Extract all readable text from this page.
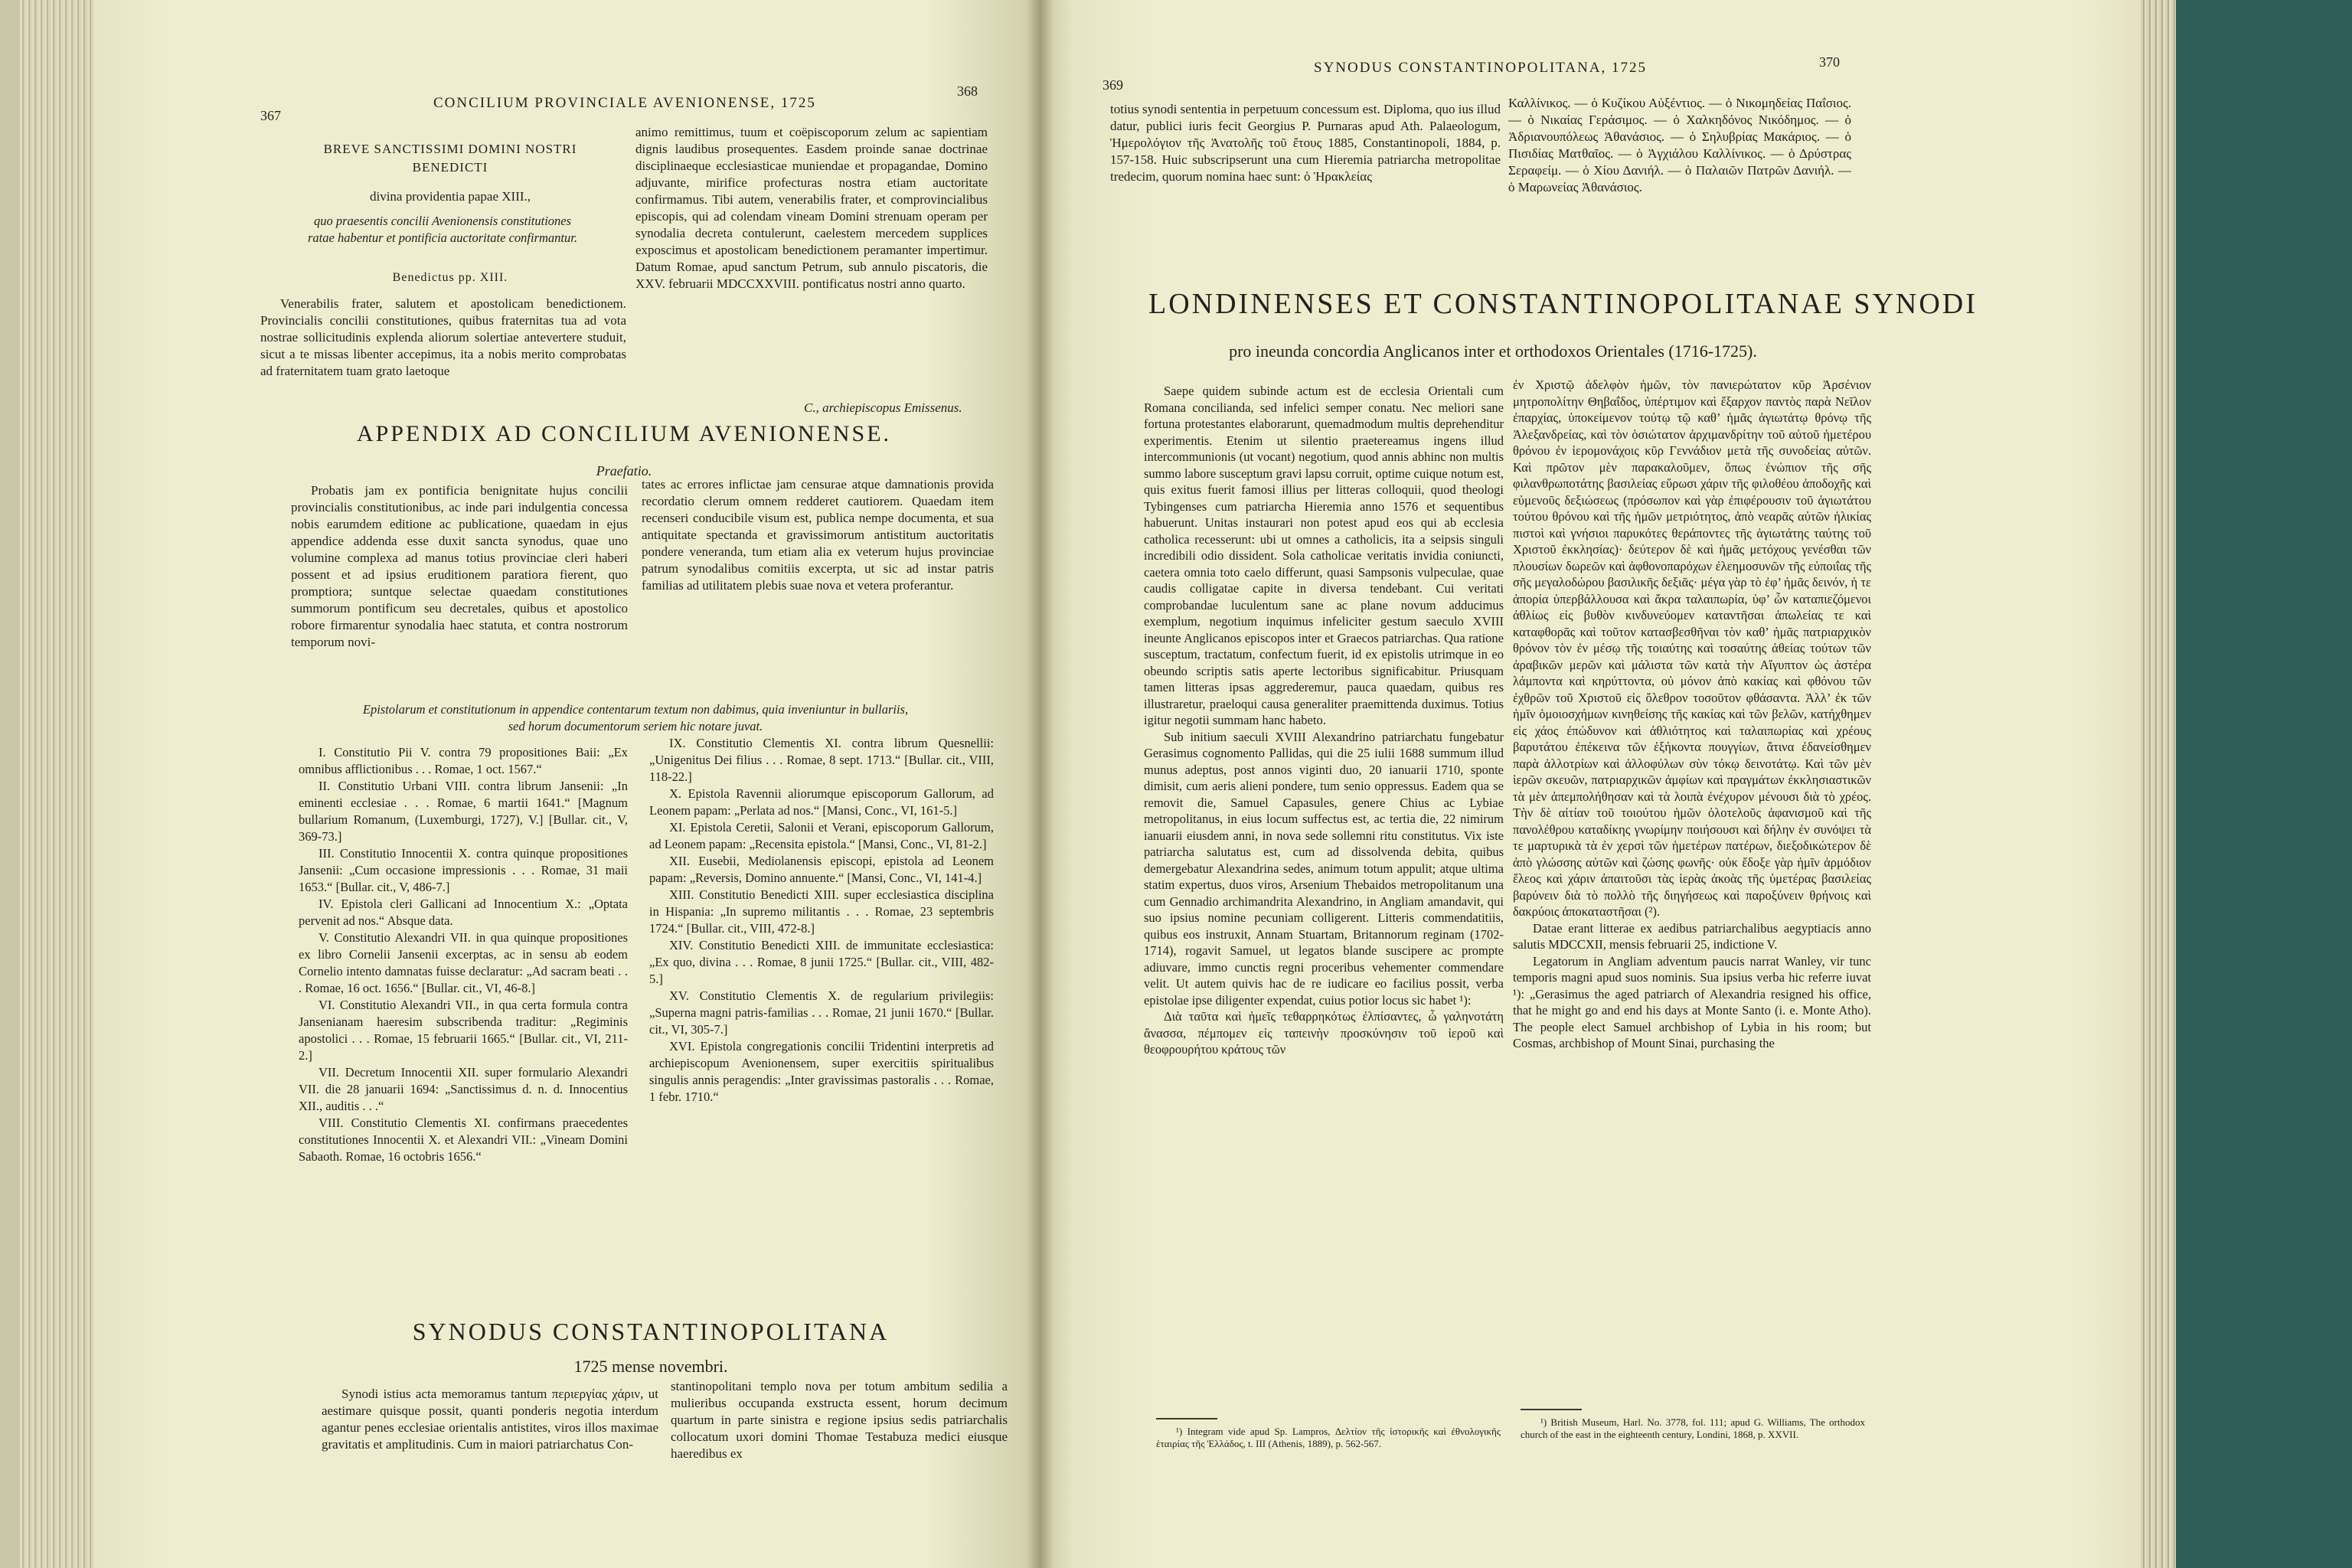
367
CONCILIUM PROVINCIALE AVENIONENSE, 1725
368
BREVE SANCTISSIMI DOMINI NOSTRI
BENEDICTI
divina providentia papae XIII.,
quo praesentis concilii Avenionensis constitutiones
ratae habentur et pontificia auctoritate confirmantur.
Benedictus pp. XIII.

Venerabilis frater, salutem et apostolicam benedictionem. Provincialis concilii constitutiones, quibus fraternitas tua ad vota nostrae sollicitudinis explenda aliorum solertiae antevertere studuit, sicut a te missas libenter accepimus, ita a nobis merito comprobatas ad fraternitatem tuam grato laetoque

animo remittimus, tuum et coëpiscoporum zelum ac sapientiam dignis laudibus prosequentes. Easdem proinde sanae doctrinae disciplinaeque ecclesiasticae muniendae et propagandae, Domino adjuvante, mirifice profecturas nostra etiam auctoritate confirmamus. Tibi autem, venerabilis frater, et comprovincialibus episcopis, qui ad colendam vineam Domini strenuam operam per synodalia decreta contulerunt, caelestem mercedem supplices exposcimus et apostolicam benedictionem peramanter impertimur. Datum Romae, apud sanctum Petrum, sub annulo piscatoris, die XXV. februarii MDCCXXVIII. pontificatus nostri anno quarto.

C., archiepiscopus Emissenus.
APPENDIX AD CONCILIUM AVENIONENSE.
Praefatio.

Probatis jam ex pontificia benignitate hujus concilii provincialis constitutionibus, ac inde pari indulgentia concessa nobis earumdem editione ac publicatione, quaedam in ejus appendice addenda esse duxit sancta synodus, quae uno volumine complexa ad manus totius provinciae cleri haberi possent et ad ipsius eruditionem paratiora fierent, quo promptiora; suntque selectae quaedam constitutiones summorum pontificum seu decretales, quibus et apostolico robore firmarentur synodalia haec statuta, et contra nostrorum temporum novi-

tates ac errores inflictae jam censurae atque damnationis provida recordatio clerum omnem redderet cautiorem. Quaedam item recenseri conducibile visum est, publica nempe documenta, et sua antiquitate spectanda et gravissimorum antistitum auctoritatis ponderе venerandа, tum etiam alia ex veterum hujus provinciae patrum synodalibus comitiis excerpta, ut sic ad instar patris familias ad utilitatem plebis suae nova et vetera proferantur.

Epistolarum et constitutionum in appendice contentarum textum non dabimus, quia inveniuntur in bullariis,
sed horum documentorum seriem hic notare juvat.

I. Constitutio Pii V. contra 79 propositiones Baii: „Ex omnibus afflictionibus . . . Romae, 1 oct. 1567.“

II. Constitutio Urbani VIII. contra librum Jansenii: „In eminenti ecclesiae . . . Romae, 6 martii 1641.“ [Magnum bullarium Romanum, (Luxemburgi, 1727), V.] [Bullar. cit., V, 369-73.]

III. Constitutio Innocentii X. contra quinque propositiones Jansenii: „Cum occasione impressionis . . . Romae, 31 maii 1653.“ [Bullar. cit., V, 486-7.]

IV. Epistola cleri Gallicani ad Innocentium X.: „Optata pervenit ad nos.“ Absque data.

V. Constitutio Alexandri VII. in qua quinque propositiones ex libro Cornelii Jansenii excerptas, ac in sensu ab eodem Cornelio intento damnatas fuisse declaratur: „Ad sacram beati . . . Romae, 16 oct. 1656.“ [Bullar. cit., VI, 46-8.]

VI. Constitutio Alexandri VII., in qua certa formula contra Jansenianam haeresim subscribenda traditur: „Regiminis apostolici . . . Romae, 15 februarii 1665.“ [Bullar. cit., VI, 211-2.]

VII. Decretum Innocentii XII. super formulario Alexandri VII. die 28 januarii 1694: „Sanctissimus d. n. d. Innocentius XII., auditis . . .“

VIII. Constitutio Clementis XI. confirmans praecedentes constitutiones Innocentii X. et Alexandri VII.: „Vineam Domini Sabaoth. Romae, 16 octobris 1656.“

IX. Constitutio Clementis XI. contra librum Quesnellii: „Unigenitus Dei filius . . . Romae, 8 sept. 1713.“ [Bullar. cit., VIII, 118-22.]

X. Epistola Ravennii aliorumque episcoporum Gallorum, ad Leonem papam: „Perlata ad nos.“ [Mansi, Conc., VI, 161-5.]

XI. Epistola Ceretii, Salonii et Verani, episcoporum Gallorum, ad Leonem papam: „Recensita epistola.“ [Mansi, Conc., VI, 81-2.]

XII. Eusebii, Mediolanensis episcopi, epistola ad Leonem papam: „Reversis, Domino annuente.“ [Mansi, Conc., VI, 141-4.]

XIII. Constitutio Benedicti XIII. super ecclesiastica disciplina in Hispania: „In supremo militantis . . . Romae, 23 septembris 1724.“ [Bullar. cit., VIII, 472-8.]

XIV. Constitutio Benedicti XIII. de immunitate ecclesiastica: „Ex quo, divina . . . Romae, 8 junii 1725.“ [Bullar. cit., VIII, 482-5.]

XV. Constitutio Clementis X. de regularium privilegiis: „Superna magni patris-familias . . . Romae, 21 junii 1670.“ [Bullar. cit., VI, 305-7.]

XVI. Epistola congregationis concilii Tridentini interpretis ad archiepiscopum Avenionensem, super exercitiis spiritualibus singulis annis peragendis: „Inter gravissimas pastoralis . . . Romae, 1 febr. 1710.“

SYNODUS CONSTANTINOPOLITANA
1725 mense novembri.

Synodi istius acta memoramus tantum περιεργίας χάριν, ut aestimare quisque possit, quanti ponderis negotia interdum agantur penes ecclesiae orientalis antistites, viros illos maximae gravitatis et amplitudinis. Cum in maiori patriarchatus Con-

stantinopolitani templo nova per totum ambitum sedilia a mulieribus occupanda exstructa essent, horum decimum quartum in parte sinistra e regione ipsius sedis patriarchalis collocatum uxori domini Thomae Testabuza medici eiusque haeredibus ex

369
SYNODUS CONSTANTINOPOLITANA, 1725	370

totius synodi sententia in perpetuum concessum est. Diploma, quo ius illud datur, publici iuris fecit Georgius P. Purnaras apud Ath. Palaeologum, Ἡμερολόγιον τῆς Ἀνατολῆς τοῦ ἔτους 1885, Constantinopoli, 1884, p. 157-158. Huic subscripserunt una cum Hieremia patriarcha metropolitae tredecim, quorum nomina haec sunt: ὁ Ἡρακλείας

Καλλίνικος. — ὁ Κυζίκου Αὐξέντιος. — ὁ Νικομηδείας Παΐσιος. — ὁ Νικαίας Γεράσιμος. — ὁ Χαλκηδόνος Νικόδημος. — ὁ Ἀδριανουπόλεως Ἀθανάσιος. — ὁ Σηλυβρίας Μακάριος. — ὁ Πισιδίας Ματθαῖος. — ὁ Ἀγχιάλου Καλλίνικος. — ὁ Δρύστρας Σεραφείμ. — ὁ Χίου Δανιήλ. — ὁ Παλαιῶν Πατρῶν Δανιήλ. — ὁ Μαρωνείας Ἀθανάσιος.

LONDINENSES ET CONSTANTINOPOLITANAE SYNODI
pro ineunda concordia Anglicanos inter et orthodoxos Orientales (1716-1725).

Saepe quidem subinde actum est de ecclesia Orientali cum Romana conciliandа, sed infelici semper conatu. Nec meliori sane fortuna protestantes elaborarunt, quemadmodum multis deprehenditur experimentis. Etenim ut silentio praetereamus ingens illud intercommunionis (ut vocant) negotium, quod annis abhinc non multis summo labore susceptum gravi lapsu corruit, optime cuique notum est, quis exitus fuerit famosi illius per litteras colloquii, quod theologi Tybingenses cum patriarcha Hieremia anno 1576 et sequentibus habuerunt. Unitas instaurari non potest apud eos qui ab ecclesia catholica recesserunt: ubi ut omnes a catholicis, ita a seipsis singuli incredibili odio dissident. Sola catholicae veritatis invidia coniuncti, caetera omnia toto caelo differunt, quasi Sampsonis vulpeculae, quae caudis colligatae capite in diversa tendebant. Cui veritati comprobandae luculentum sane ac plane novum adducimus exemplum, negotium inquimus infeliciter gestum saeculo XVIII ineunte Anglicanos episcopos inter et Graecos patriarchas. Qua ratione susceptum, tractatum, confectum fuerit, id ex epistolis utrimque in eo obeundo scriptis satis aperte lectoribus significabitur. Priusquam tamen litteras ipsas aggrederemur, pauca quaedam, quibus res illustraretur, praeloqui causa generaliter praemittenda duximus. Totius igitur negotii summam hanc habeto.

Sub initium saeculi XVIII Alexandrino patriarchatu fungebatur Gerasimus cognomento Pallidas, qui die 25 iulii 1688 summum illud munus adeptus, post annos viginti duo, 20 ianuarii 1710, sponte dimisit, cum aeris alieni pondere, tum senio oppressus. Eadem qua se removit die, Samuel Capasules, genere Chius ac Lybiae metropolitanus, in eius locum suffectus est, ac tertia die, 22 nimirum ianuarii eiusdem anni, in nova sede sollemni ritu constitutus. Vix iste patriarcha salutatus est, cum ad dissolvenda debita, quibus demergebatur Alexandrina sedes, animum totum appulit; atque ultima statim expertus, duos viros, Arsenium Thebaidos metropolitanum una cum Gennadio archimandrita Alexandrino, in Angliam amandavit, qui suo ipsius nomine pecuniam colligerent. Litteris commendatitiis, quibus eos instruxit, Annam Stuartam, Britannorum reginam (1702-1714), rogavit Samuel, ut legatos blande suscipere ac prompte adiuvare, immo cunctis regni proceribus vehementer commendare velit. Ut autem quivis hac de re iudicare eo facilius possit, verba epistolae ipse diligenter expendat, cuius potior locus sic habet ¹):

Διὰ ταῦτα καὶ ἡμεῖς τεθαρρηκότως ἐλπίσαντες, ὦ γαληνοτάτη ἄνασσα, πέμπομεν εἰς ταπεινὴν προσκύνησιν τοῦ ἱεροῦ καὶ θεοφρουρήτου κράτους τῶν

ἐν Χριστῷ ἀδελφὸν ἡμῶν, τὸν πανιερώτατον κῦρ Ἀρσένιον μητροπολίτην Θηβαΐδος, ὑπέρτιμον καὶ ἔξαρχον παντὸς παρὰ Νεῖλον ἐπαρχίας, ὑποκείμενον τούτῳ τῷ καθ’ ἡμᾶς ἁγιωτάτῳ θρόνῳ τῆς Ἀλεξανδρείας, καὶ τὸν ὁσιώτατον ἀρχιμανδρίτην τοῦ αὐτοῦ ἡμετέρου θρόνου ἐν ἱερομονάχοις κῦρ Γεννάδιον μετὰ τῆς συνοδείας αὐτῶν. Καὶ πρῶτον μὲν παρακαλοῦμεν, ὅπως ἐνώπιον τῆς σῆς φιλανθρωποτάτης βασιλείας εὕρωσι χάριν τῆς φιλοθέου ἀποδοχῆς καὶ εὐμενοῦς δεξιώσεως (πρόσωπον καὶ γὰρ ἐπιφέρουσιν τοῦ ἁγιωτάτου τούτου θρόνου καὶ τῆς ἡμῶν μετριότητος, ἀπὸ νεαρᾶς αὐτῶν ἡλικίας πιστοὶ καὶ γνήσιοι παρυκότες θεράποντες τῆς ἁγιωτάτης ταύτης τοῦ Χριστοῦ ἐκκλησίας)· δεύτερον δὲ καὶ ἡμᾶς μετόχους γενέσθαι τῶν πλουσίων δωρεῶν καὶ ἀφθονοπαρόχων ἐλεημοσυνῶν τῆς εὐποιΐας τῆς σῆς μεγαλοδώρου βασιλικῆς δεξιᾶς· μέγα γὰρ τὸ ἐφ’ ἡμᾶς δεινόν, ἡ τε ἀπορία ὑπερβάλλουσα καὶ ἄκρα ταλαιπωρία, ὑφ’ ὧν καταπιεζόμενοι ἀθλίως εἰς βυθὸν κινδυνεύομεν καταντῆσαι ἀπωλείας τε καὶ καταφθορᾶς καὶ τοῦτον κατασβεσθῆναι τὸν καθ’ ἡμᾶς πατριαρχικὸν θρόνον τὸν ἐν μέσῳ τῆς τοιαύτης καὶ τοσαύτης ἀθείας τούτων τῶν ἀραβικῶν μερῶν καὶ μάλιστα τῶν κατὰ τὴν Αἴγυπτον ὡς ἀστέρα λάμποντα καὶ κηρύττοντα, οὐ μόνον ἀπὸ κακίας καὶ φθόνου τῶν ἐχθρῶν τοῦ Χριστοῦ εἰς ὄλεθρον τοσοῦτον φθάσαντα. Ἀλλ’ ἐκ τῶν ἡμῖν ὁμοιοσχήμων κινηθείσης τῆς κακίας καὶ τῶν βελῶν, κατήχθημεν εἰς χάος ἐπώδυνον καὶ ἀθλιότητος καὶ ταλαιπωρίας καὶ χρέους βαρυτάτου ἐπέκεινα τῶν ἑξήκοντα πουγγίων, ἅτινα ἐδανείσθημεν παρὰ ἀλλοτρίων καὶ ἀλλοφύλων σὺν τόκῳ δεινοτάτῳ. Καὶ τῶν μὲν ἱερῶν σκευῶν, πατριαρχικῶν ἀμφίων καὶ πραγμάτων ἐκκλησιαστικῶν τὰ μὲν ἀπεμπολήθησαν καὶ τὰ λοιπὰ ἐνέχυρον μένουσι διὰ τὸ χρέος. Τὴν δὲ αἰτίαν τοῦ τοιούτου ἡμῶν ὀλοτελοῦς ἀφανισμοῦ καὶ τῆς πανολέθρου καταδίκης γνωρίμην ποιήσουσι καὶ δήλην ἐν συνόψει τὰ τε μαρτυρικὰ τὰ ἐν χερσὶ τῶν ἡμετέρων πατέρων, διεξοδικώτερον δὲ ἀπὸ γλώσσης αὐτῶν καὶ ζώσης φωνῆς· οὐκ ἔδοξε γὰρ ἡμῖν ἀρμόδιον ἔλεος καὶ χάριν ἀπαιτοῦσι τὰς ἱερὰς ἀκοὰς τῆς ὑμετέρας βασιλείας βαρύνειν διὰ τὸ πολλὸ τῆς διηγήσεως καὶ παροξύνειν θρήνοις καὶ δακρύοις ἀποκαταστῆσαι (²).

Datae erant litterae ex aedibus patriarchalibus aegyptiacis anno salutis MDCCXII, mensis februarii 25, indictione V.

Legatorum in Angliam adventum paucis narrat Wanley, vir tunc temporis magni apud suos nominis. Sua ipsius verba hic referre iuvat ¹): „Gerasimus the aged patriarch of Alexandria resigned his office, that he might go and end his days at Monte Santo (i. e. Monte Atho). The people elect Samuel archbishop of Lybia in his room; but Cosmas, archbishop of Mount Sinai, purchasing the

¹) Integram vide apud Sp. Lampros, Δελτίον τῆς ἱστορικῆς καὶ ἐθνολογικῆς ἑταιρίας τῆς Ἑλλάδος, t. III (Athenis, 1889), p. 562-567.

¹) British Museum, Harl. No. 3778, fol. 111; apud G. Williams, The orthodox church of the east in the eighteenth century, Londini, 1868, p. XXVII.
